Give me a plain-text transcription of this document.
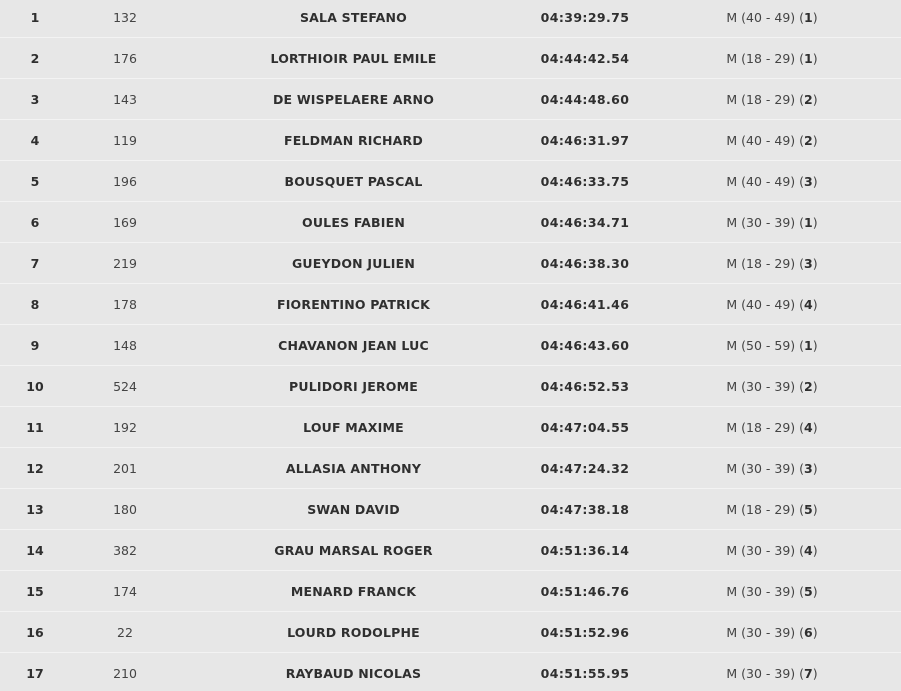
1	132	SALA STEFANO	04:39:29.75	M (40 - 49) (1)
2	176	LORTHIOIR PAUL EMILE	04:44:42.54	M (18 - 29) (1)
3	143	DE WISPELAERE ARNO	04:44:48.60	M (18 - 29) (2)
4	119	FELDMAN RICHARD	04:46:31.97	M (40 - 49) (2)
5	196	BOUSQUET PASCAL	04:46:33.75	M (40 - 49) (3)
6	169	OULES FABIEN	04:46:34.71	M (30 - 39) (1)
7	219	GUEYDON JULIEN	04:46:38.30	M (18 - 29) (3)
8	178	FIORENTINO PATRICK	04:46:41.46	M (40 - 49) (4)
9	148	CHAVANON JEAN LUC	04:46:43.60	M (50 - 59) (1)
10	524	PULIDORI JEROME	04:46:52.53	M (30 - 39) (2)
11	192	LOUF MAXIME	04:47:04.55	M (18 - 29) (4)
12	201	ALLASIA ANTHONY	04:47:24.32	M (30 - 39) (3)
13	180	SWAN DAVID	04:47:38.18	M (18 - 29) (5)
14	382	GRAU MARSAL ROGER	04:51:36.14	M (30 - 39) (4)
15	174	MENARD FRANCK	04:51:46.76	M (30 - 39) (5)
16	22	LOURD RODOLPHE	04:51:52.96	M (30 - 39) (6)
17	210	RAYBAUD NICOLAS	04:51:55.95	M (30 - 39) (7)
